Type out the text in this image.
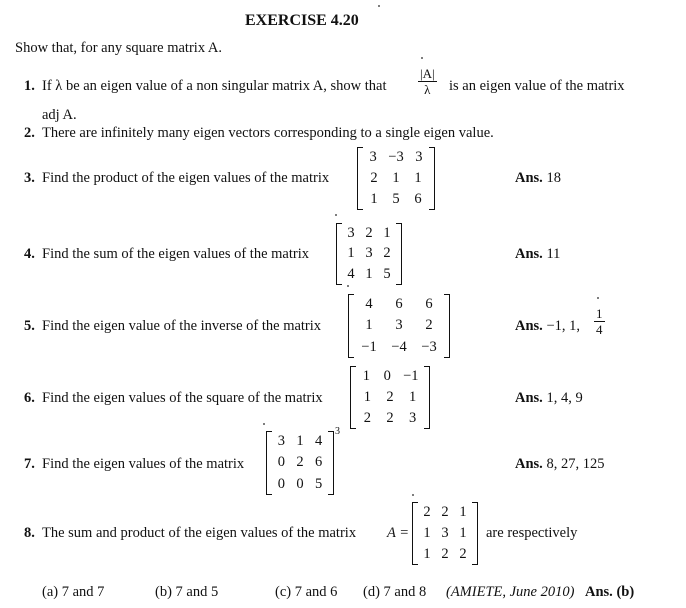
EXERCISE 4.20
Show that, for any square matrix A.
1. If λ be an eigen value of a non singular matrix A, show that $\frac{|A|}{\lambda}$ is an eigen value of the matrix
adj A.
2. There are infinitely many eigen vectors corresponding to a single eigen value.
3. Find the product of the eigen values of the matrix
3 −3 3
2 1 1
1 5 6
Ans. 18
4. Find the sum of the eigen values of the matrix
3 2 1
1 3 2
4 1 5
Ans. 11
5. Find the eigen value of the inverse of the matrix
4 6 6
1 3 2
−1 −4 −3
Ans. −1, 1, $\frac{1}{4}$
6. Find the eigen values of the square of the matrix
1 0 −1
1 2 1
2 2 3
Ans. 1, 4, 9
7. Find the eigen values of the matrix
3 1 4
0 2 6
0 0 5
3
Ans. 8, 27, 125
8. The sum and product of the eigen values of the matrix A =
2 2 1
1 3 1
1 2 2
are respectively
(a) 7 and 7	(b) 7 and 5	(c) 7 and 6 (d) 7 and 8 (AMIETE, June 2010) Ans. (b)
